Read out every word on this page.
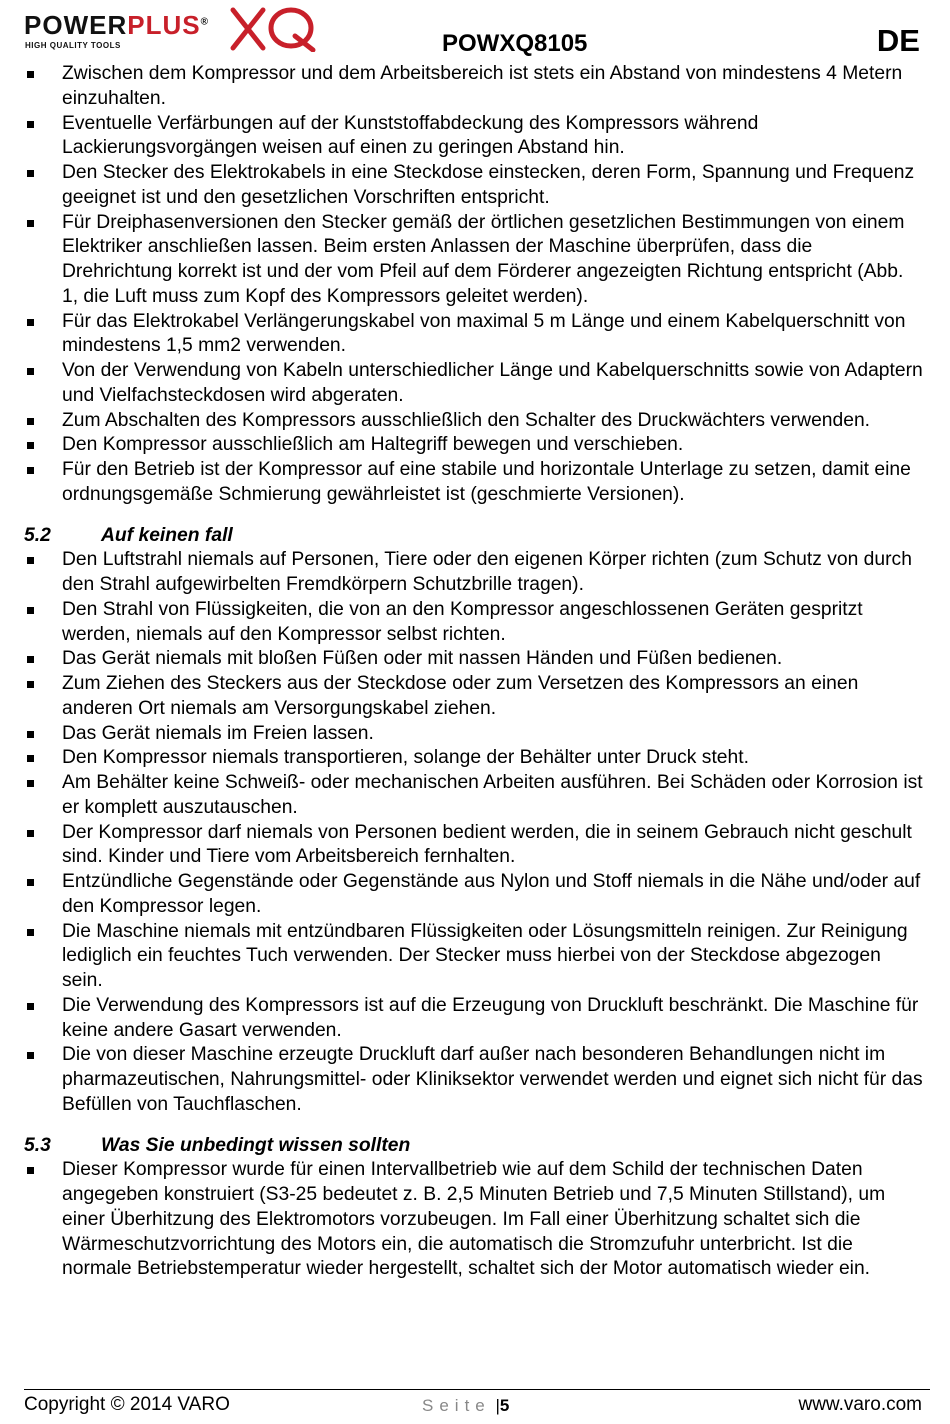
POWERPLUS®
HIGH QUALITY TOOLS	POWXQ8105	DE
Zwischen dem Kompressor und dem Arbeitsbereich ist stets ein Abstand von mindestens 4 Metern einzuhalten.
Eventuelle Verfärbungen auf der Kunststoffabdeckung des Kompressors während Lackierungsvorgängen weisen auf einen zu geringen Abstand hin.
Den Stecker des Elektrokabels in eine Steckdose einstecken, deren Form, Spannung und Frequenz geeignet ist und den gesetzlichen Vorschriften entspricht.
Für Dreiphasenversionen den Stecker gemäß der örtlichen gesetzlichen Bestimmungen von einem Elektriker anschließen lassen. Beim ersten Anlassen der Maschine überprüfen, dass die Drehrichtung korrekt ist und der vom Pfeil auf dem Förderer angezeigten Richtung entspricht (Abb. 1, die Luft muss zum Kopf des Kompressors geleitet werden).
Für das Elektrokabel Verlängerungskabel von maximal 5 m Länge und einem Kabelquerschnitt von mindestens 1,5 mm2 verwenden.
Von der Verwendung von Kabeln unterschiedlicher Länge und Kabelquerschnitts sowie von Adaptern und Vielfachsteckdosen wird abgeraten.
Zum Abschalten des Kompressors ausschließlich den Schalter des Druckwächters verwenden.
Den Kompressor ausschließlich am Haltegriff bewegen und verschieben.
Für den Betrieb ist der Kompressor auf eine stabile und horizontale Unterlage zu setzen, damit eine ordnungsgemäße Schmierung gewährleistet ist (geschmierte Versionen).
5.2	Auf keinen fall
Den Luftstrahl niemals auf Personen, Tiere oder den eigenen Körper richten (zum Schutz von durch den Strahl aufgewirbelten Fremdkörpern Schutzbrille tragen).
Den Strahl von Flüssigkeiten, die von an den Kompressor angeschlossenen Geräten gespritzt werden, niemals auf den Kompressor selbst richten.
Das Gerät niemals mit bloßen Füßen oder mit nassen Händen und Füßen bedienen.
Zum Ziehen des Steckers aus der Steckdose oder zum Versetzen des Kompressors an einen anderen Ort niemals am Versorgungskabel ziehen.
Das Gerät niemals im Freien lassen.
Den Kompressor niemals transportieren, solange der Behälter unter Druck steht.
Am Behälter keine Schweiß- oder mechanischen Arbeiten ausführen. Bei Schäden oder Korrosion ist er komplett auszutauschen.
Der Kompressor darf niemals von Personen bedient werden, die in seinem Gebrauch nicht geschult sind. Kinder und Tiere vom Arbeitsbereich fernhalten.
Entzündliche Gegenstände oder Gegenstände aus Nylon und Stoff niemals in die Nähe und/oder auf den Kompressor legen.
Die Maschine niemals mit entzündbaren Flüssigkeiten oder Lösungsmitteln reinigen. Zur Reinigung lediglich ein feuchtes Tuch verwenden. Der Stecker muss hierbei von der Steckdose abgezogen sein.
Die Verwendung des Kompressors ist auf die Erzeugung von Druckluft beschränkt. Die Maschine für keine andere Gasart verwenden.
Die von dieser Maschine erzeugte Druckluft darf außer nach besonderen Behandlungen nicht im pharmazeutischen, Nahrungsmittel- oder Kliniksektor verwendet werden und eignet sich nicht für das Befüllen von Tauchflaschen.
5.3	Was Sie unbedingt wissen sollten
Dieser Kompressor wurde für einen Intervallbetrieb wie auf dem Schild der technischen Daten angegeben konstruiert (S3-25 bedeutet z. B. 2,5 Minuten Betrieb und 7,5 Minuten Stillstand), um einer Überhitzung des Elektromotors vorzubeugen. Im Fall einer Überhitzung schaltet sich die Wärmeschutzvorrichtung des Motors ein, die automatisch die Stromzufuhr unterbricht. Ist die normale Betriebstemperatur wieder hergestellt, schaltet sich der Motor automatisch wieder ein.
Copyright © 2014 VARO	Seite |5	www.varo.com
